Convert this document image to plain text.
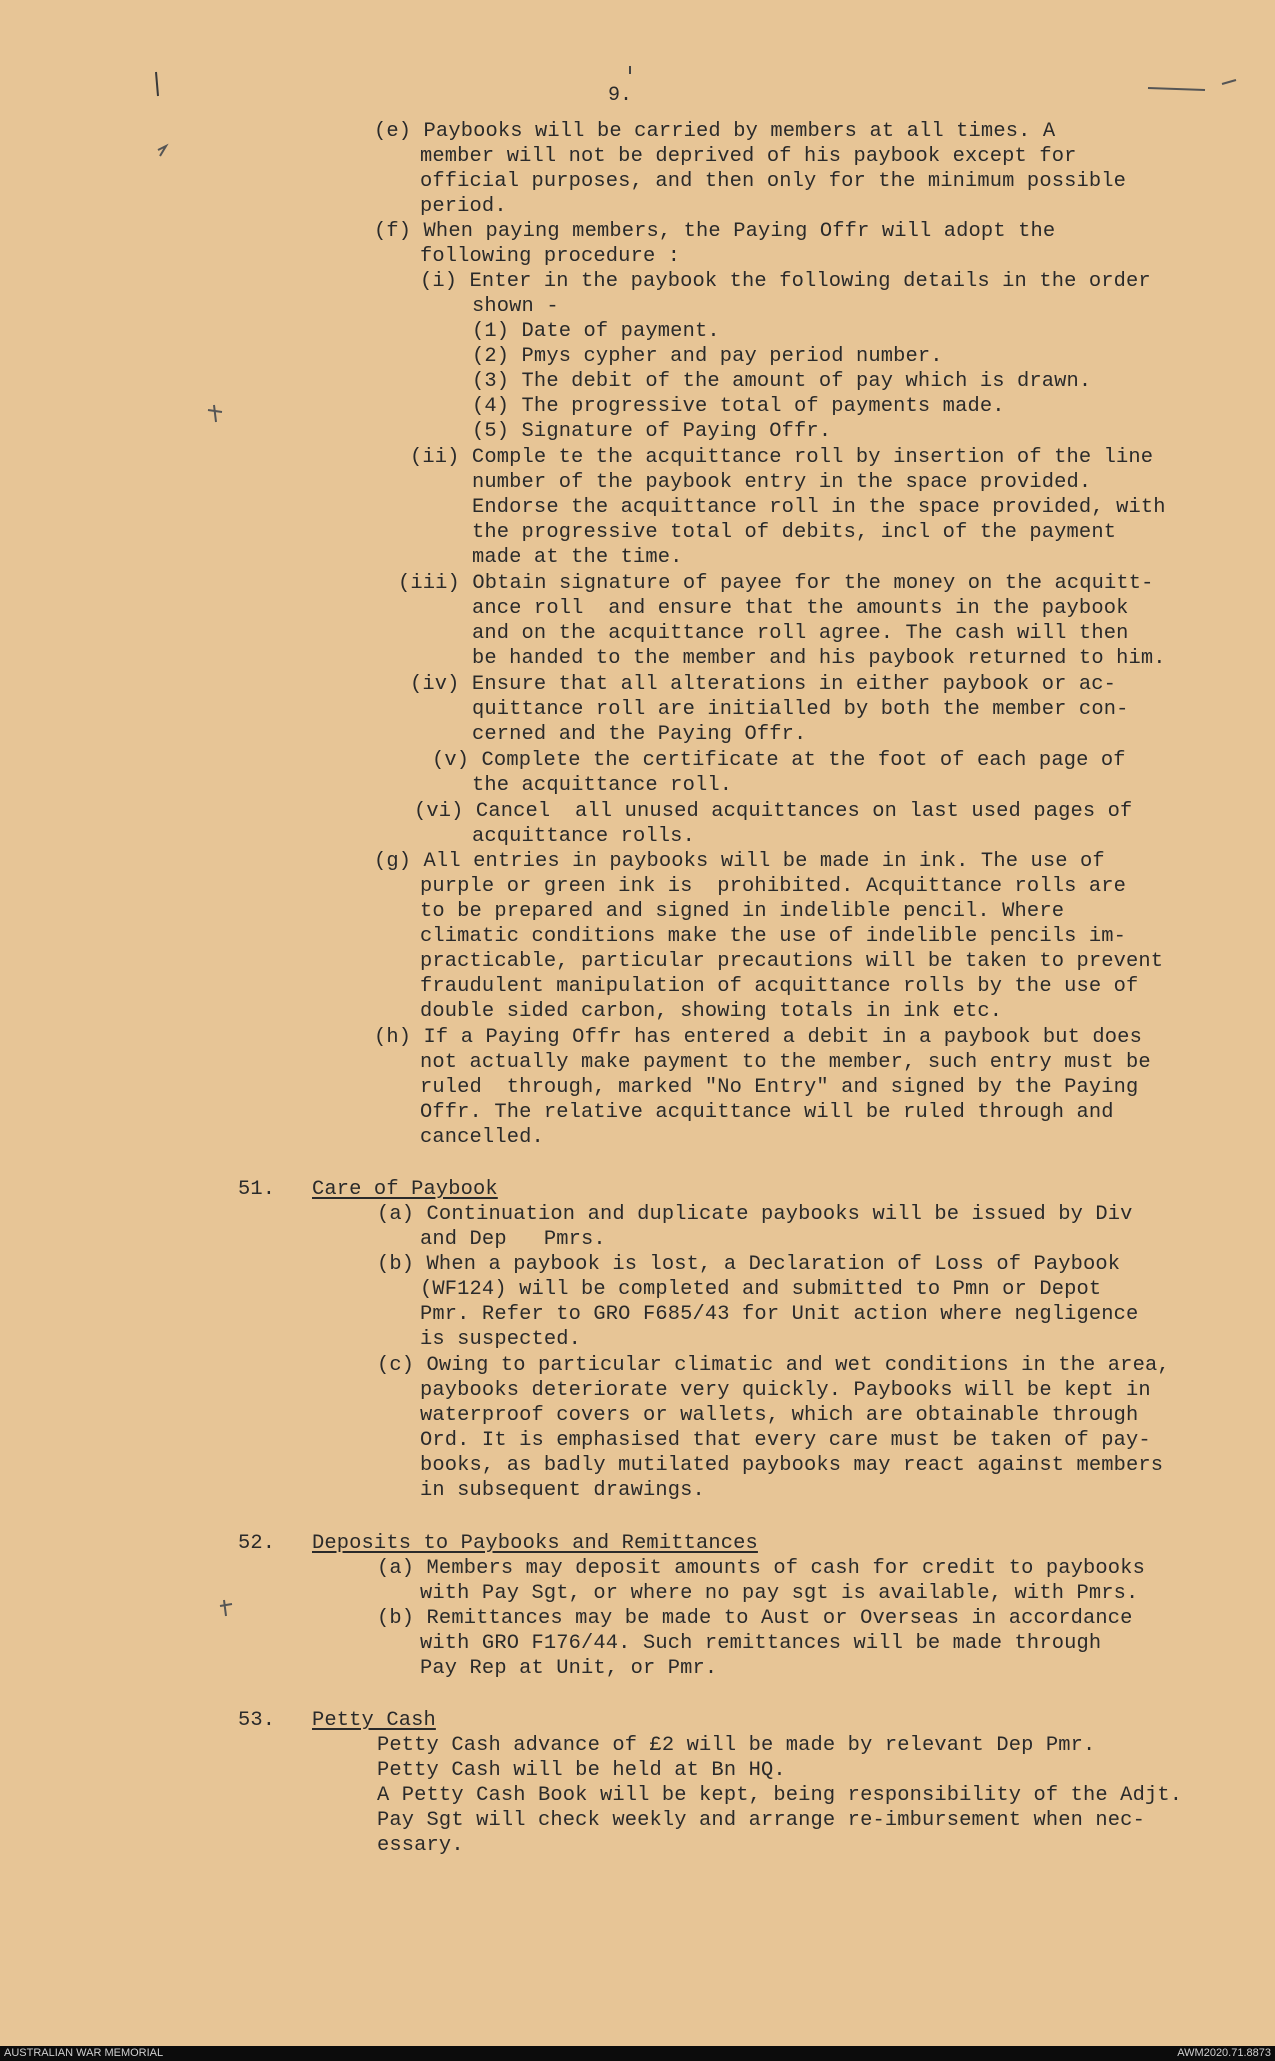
9.
(e) Paybooks will be carried by members at all times. A
member will not be deprived of his paybook except for
official purposes, and then only for the minimum possible
period.
(f) When paying members, the Paying Offr will adopt the
following procedure :
(i) Enter in the paybook the following details in the order
shown -
(1) Date of payment.
(2) Pmys cypher and pay period number.
(3) The debit of the amount of pay which is drawn.
(4) The progressive total of payments made.
(5) Signature of Paying Offr.
(ii) Comple te the acquittance roll by insertion of the line
number of the paybook entry in the space provided.
Endorse the acquittance roll in the space provided, with
the progressive total of debits, incl of the payment
made at the time.
(iii) Obtain signature of payee for the money on the acquitt-
ance roll  and ensure that the amounts in the paybook
and on the acquittance roll agree. The cash will then
be handed to the member and his paybook returned to him.
(iv) Ensure that all alterations in either paybook or ac-
quittance roll are initialled by both the member con-
cerned and the Paying Offr.
(v) Complete the certificate at the foot of each page of
the acquittance roll.
(vi) Cancel  all unused acquittances on last used pages of
acquittance rolls.
(g) All entries in paybooks will be made in ink. The use of
purple or green ink is  prohibited. Acquittance rolls are
to be prepared and signed in indelible pencil. Where
climatic conditions make the use of indelible pencils im-
practicable, particular precautions will be taken to prevent
fraudulent manipulation of acquittance rolls by the use of
double sided carbon, showing totals in ink etc.
(h) If a Paying Offr has entered a debit in a paybook but does
not actually make payment to the member, such entry must be
ruled  through, marked "No Entry" and signed by the Paying
Offr. The relative acquittance will be ruled through and
cancelled.
51. Care of Paybook
(a) Continuation and duplicate paybooks will be issued by Div
and Dep   Pmrs.
(b) When a paybook is lost, a Declaration of Loss of Paybook
(WF124) will be completed and submitted to Pmn or Depot
Pmr. Refer to GRO F685/43 for Unit action where negligence
is suspected.
(c) Owing to particular climatic and wet conditions in the area,
paybooks deteriorate very quickly. Paybooks will be kept in
waterproof covers or wallets, which are obtainable through
Ord. It is emphasised that every care must be taken of pay-
books, as badly mutilated paybooks may react against members
in subsequent drawings.
52. Deposits to Paybooks and Remittances
(a) Members may deposit amounts of cash for credit to paybooks
with Pay Sgt, or where no pay sgt is available, with Pmrs.
(b) Remittances may be made to Aust or Overseas in accordance
with GRO F176/44. Such remittances will be made through
Pay Rep at Unit, or Pmr.
53. Petty Cash
Petty Cash advance of £2 will be made by relevant Dep Pmr.
Petty Cash will be held at Bn HQ.
A Petty Cash Book will be kept, being responsibility of the Adjt.
Pay Sgt will check weekly and arrange re-imbursement when nec-
essary.
AUSTRALIAN WAR MEMORIAL	AWM2020.71.8873
